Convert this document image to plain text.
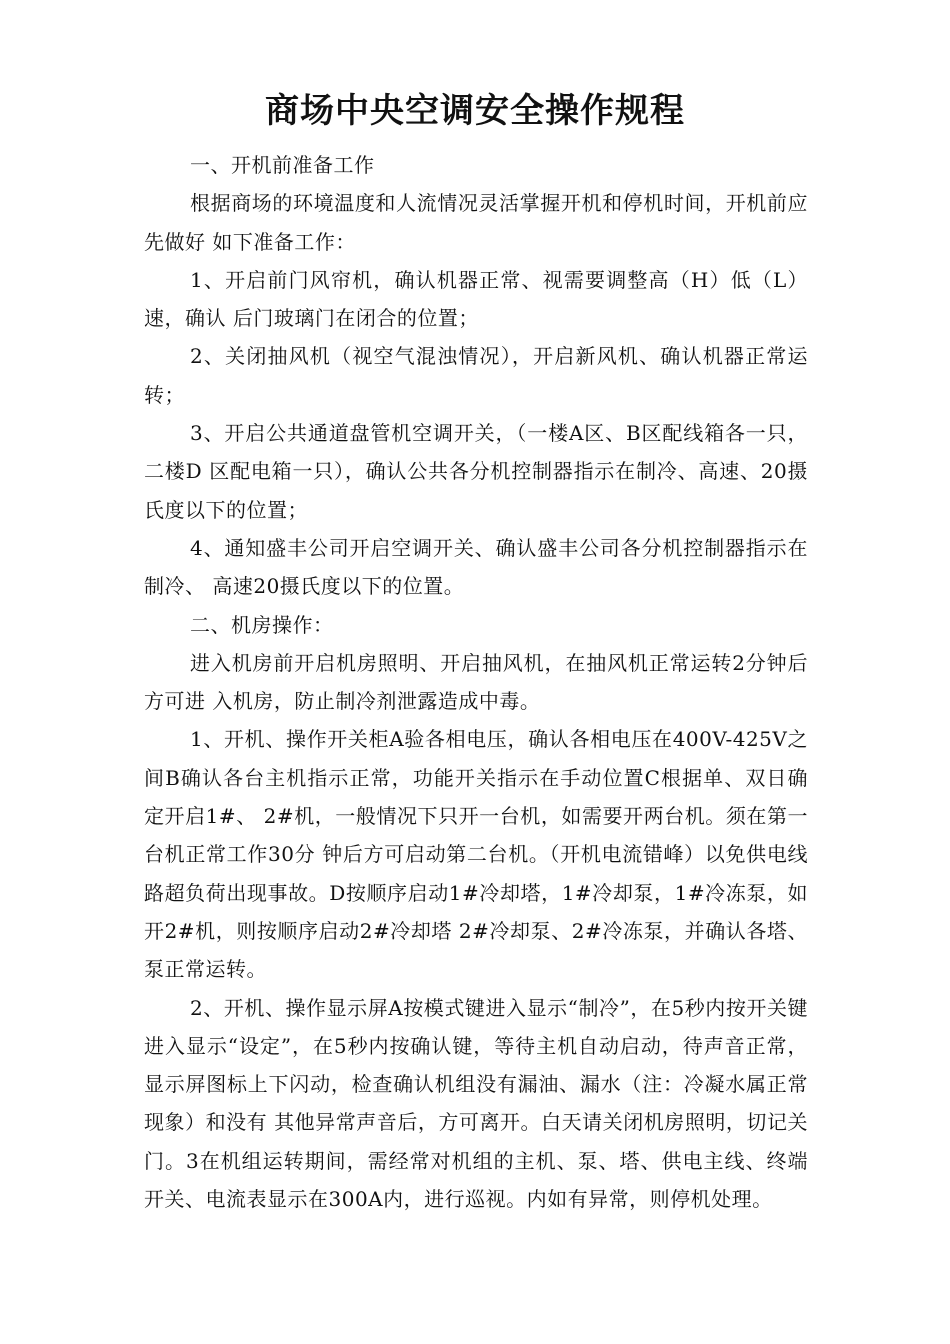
商场中央空调安全操作规程

一、开机前准备工作

根据商场的环境温度和人流情况灵活掌握开机和停机时间，开机前应先做好 如下准备工作：

1、开启前门风帘机，确认机器正常、视需要调整高（H）低（L）速，确认 后门玻璃门在闭合的位置；

2、关闭抽风机（视空气混浊情况），开启新风机、确认机器正常运转；

3、开启公共通道盘管机空调开关，（一楼A区、B区配线箱各一只，二楼D 区配电箱一只），确认公共各分机控制器指示在制冷、高速、20摄氏度以下的位置；

4、通知盛丰公司开启空调开关、确认盛丰公司各分机控制器指示在制冷、 高速20摄氏度以下的位置。

二、机房操作：

进入机房前开启机房照明、开启抽风机，在抽风机正常运转2分钟后方可进 入机房，防止制冷剂泄露造成中毒。

1、开机、操作开关柜A验各相电压，确认各相电压在400V-425V之间B确认各台主机指示正常，功能开关指示在手动位置C根据单、双日确定开启1#、 2#机，一般情况下只开一台机，如需要开两台机。须在第一台机正常工作30分 钟后方可启动第二台机。（开机电流错峰）以免供电线路超负荷出现事故。D按顺序启动1#冷却塔，1#冷却泵，1#冷冻泵，如开2#机，则按顺序启动2#冷却塔 2#冷却泵、2#冷冻泵，并确认各塔、泵正常运转。

2、开机、操作显示屏A按模式键进入显示“制冷”，在5秒内按开关键进入显示“设定”，在5秒内按确认键，等待主机自动启动，待声音正常，显示屏图标上下闪动，检查确认机组没有漏油、漏水（注：冷凝水属正常现象）和没有 其他异常声音后，方可离开。白天请关闭机房照明，切记关门。3在机组运转期间，需经常对机组的主机、泵、塔、供电主线、终端开关、电流表显示在300A内，进行巡视。内如有异常，则停机处理。
